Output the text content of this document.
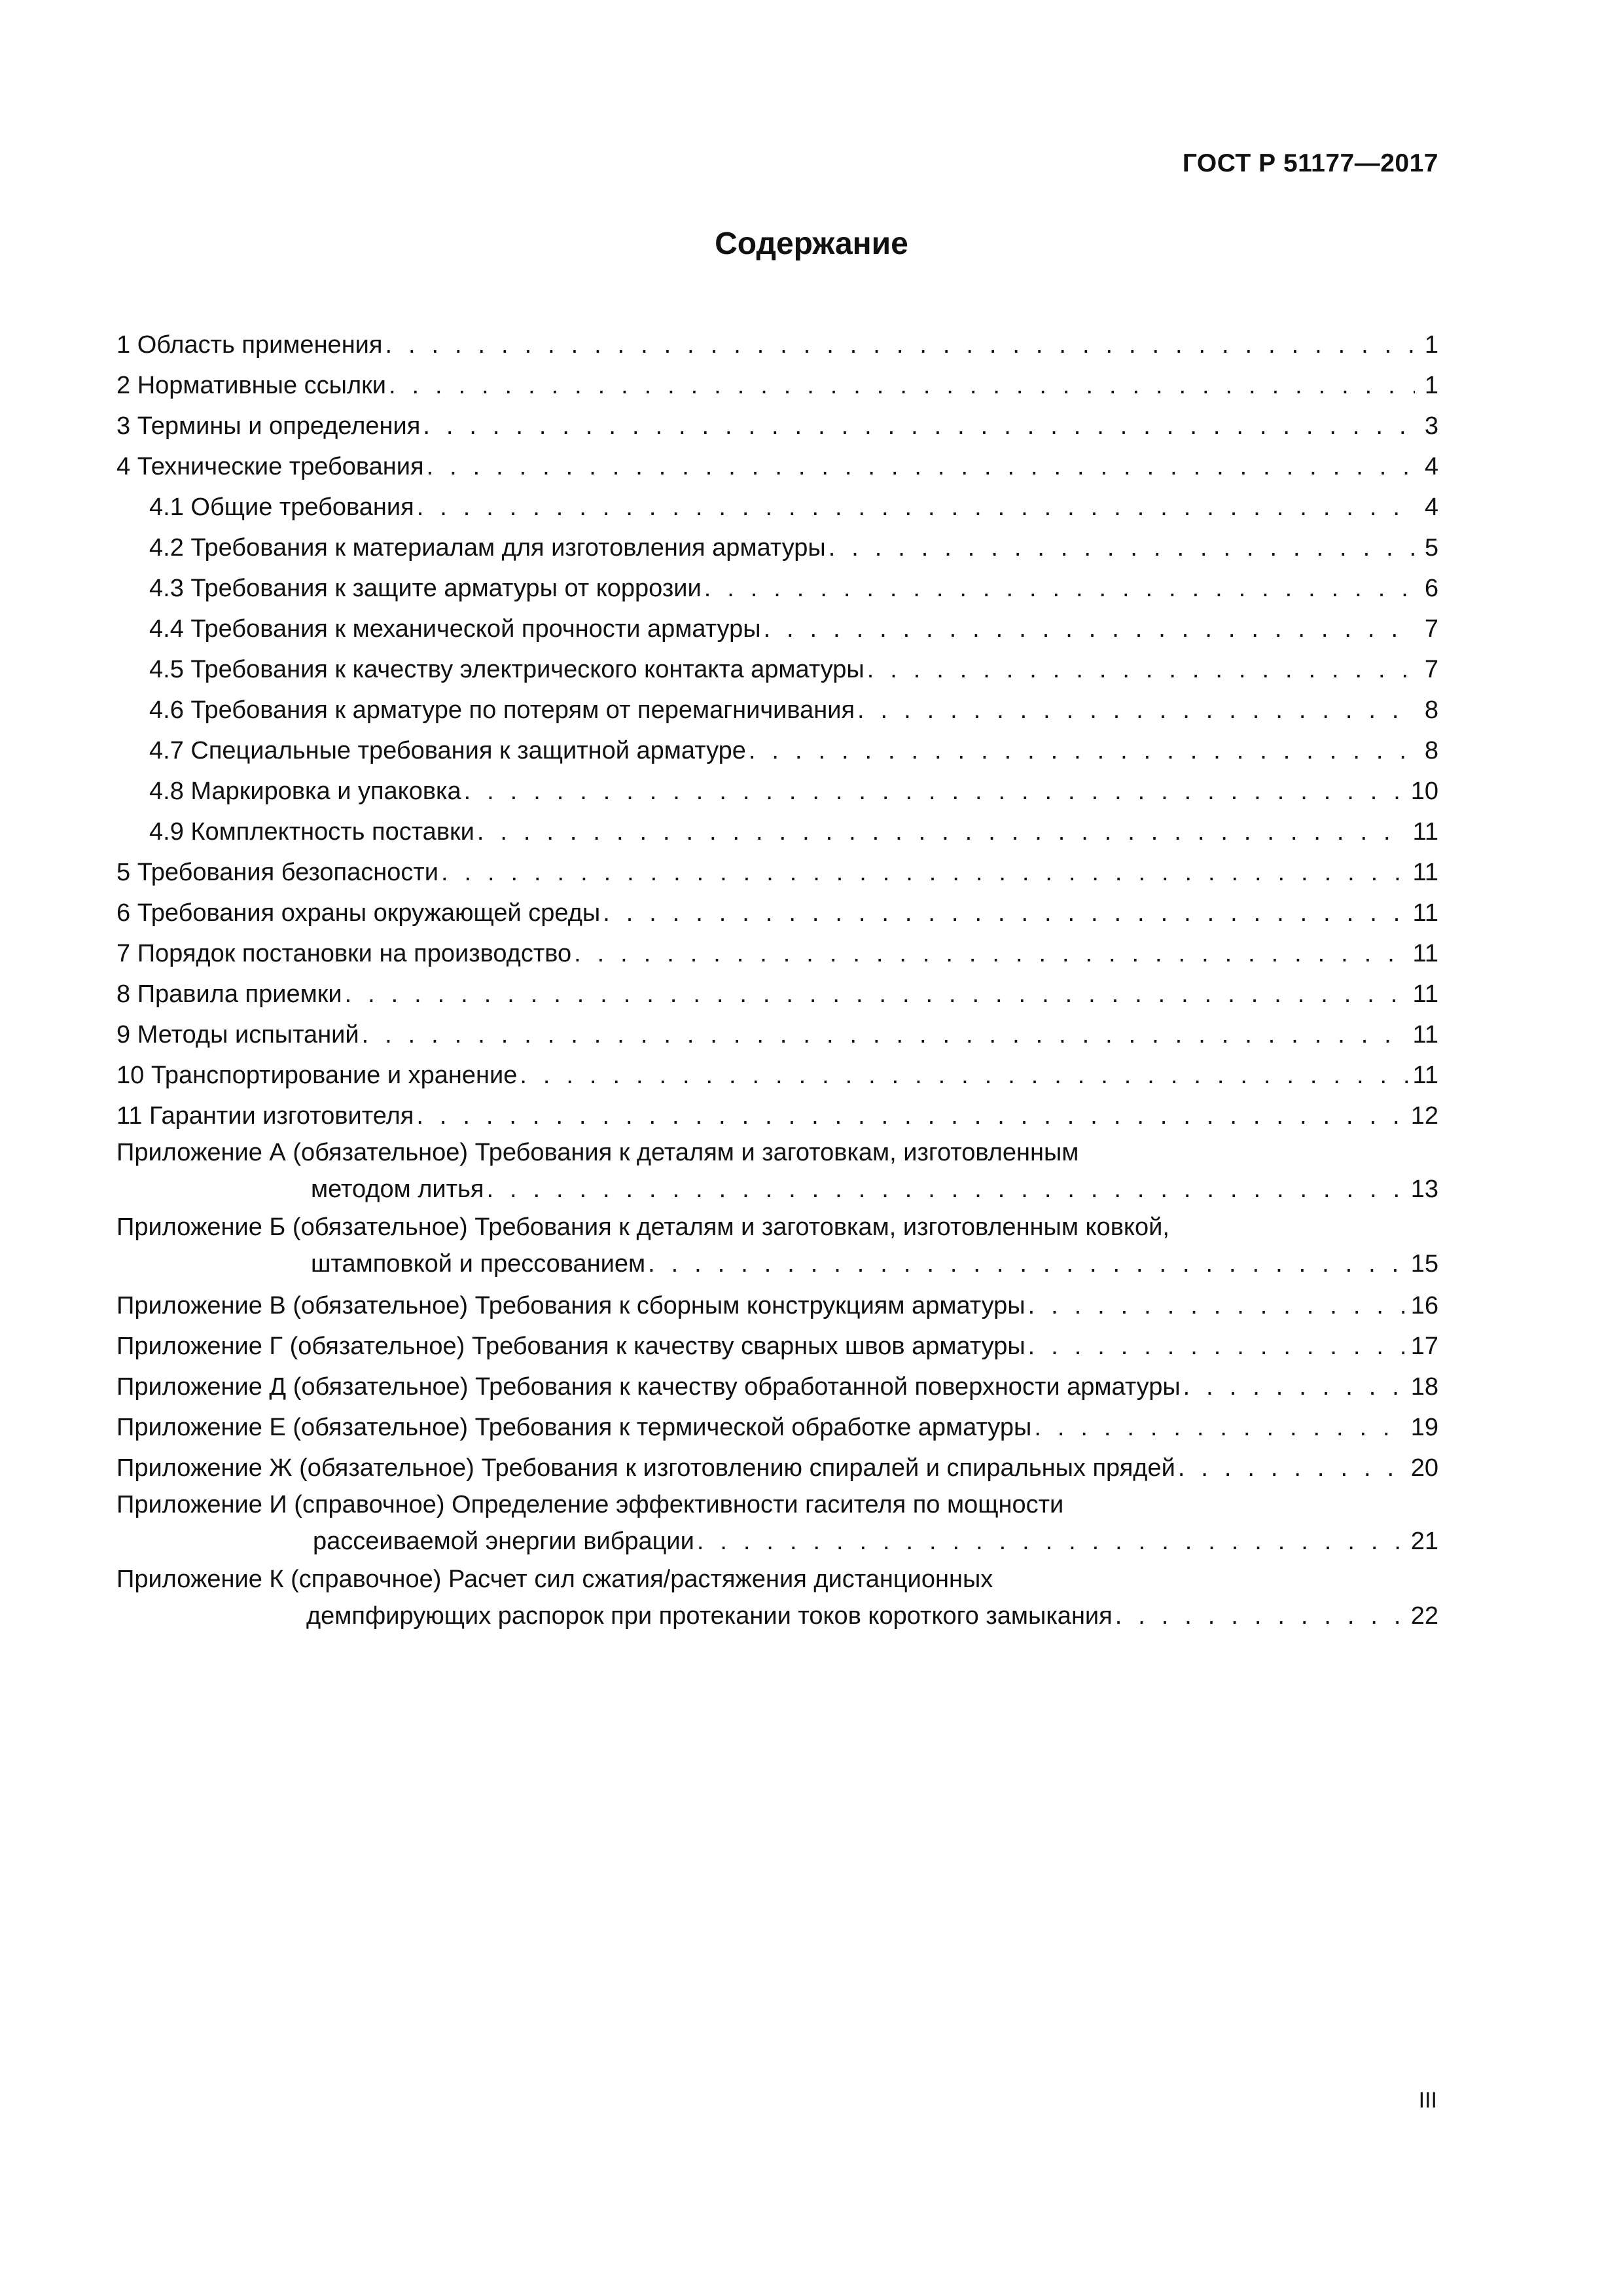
ГОСТ Р 51177—2017
Содержание
1 Область применения . . .	1
2 Нормативные ссылки . . .	1
3 Термины и определения . . .	3
4 Технические требования . . .	4
4.1 Общие требования . . .	4
4.2 Требования к материалам для изготовления арматуры . . .	5
4.3 Требования к защите арматуры от коррозии . . .	6
4.4 Требования к механической прочности арматуры . . .	7
4.5 Требования к качеству электрического контакта арматуры . . .	7
4.6 Требования к арматуре по потерям от перемагничивания . . .	8
4.7 Специальные требования к защитной арматуре . . .	8
4.8 Маркировка и упаковка . . .	10
4.9 Комплектность поставки . . .	11
5 Требования безопасности . . .	11
6 Требования охраны окружающей среды . . .	11
7 Порядок постановки на производство . . .	11
8 Правила приемки . . .	11
9 Методы испытаний . . .	11
10 Транспортирование и хранение . . .	11
11 Гарантии изготовителя . . .	12
Приложение А (обязательное) Требования к деталям и заготовкам, изготовленным
методом литья . . .	13
Приложение Б (обязательное) Требования к деталям и заготовкам, изготовленным ковкой,
штамповкой и прессованием . . .	15
Приложение В (обязательное) Требования к сборным конструкциям арматуры . . .	16
Приложение Г (обязательное) Требования к качеству сварных швов арматуры . . .	17
Приложение Д (обязательное) Требования к качеству обработанной поверхности арматуры . . .	18
Приложение Е (обязательное) Требования к термической обработке арматуры . . .	19
Приложение Ж (обязательное) Требования к изготовлению спиралей и спиральных прядей . . .	20
Приложение И (справочное) Определение эффективности гасителя по мощности
рассеиваемой энергии вибрации . . .	21
Приложение К (справочное) Расчет сил сжатия/растяжения дистанционных
демпфирующих распорок при протекании токов короткого замыкания . . .	22
III
